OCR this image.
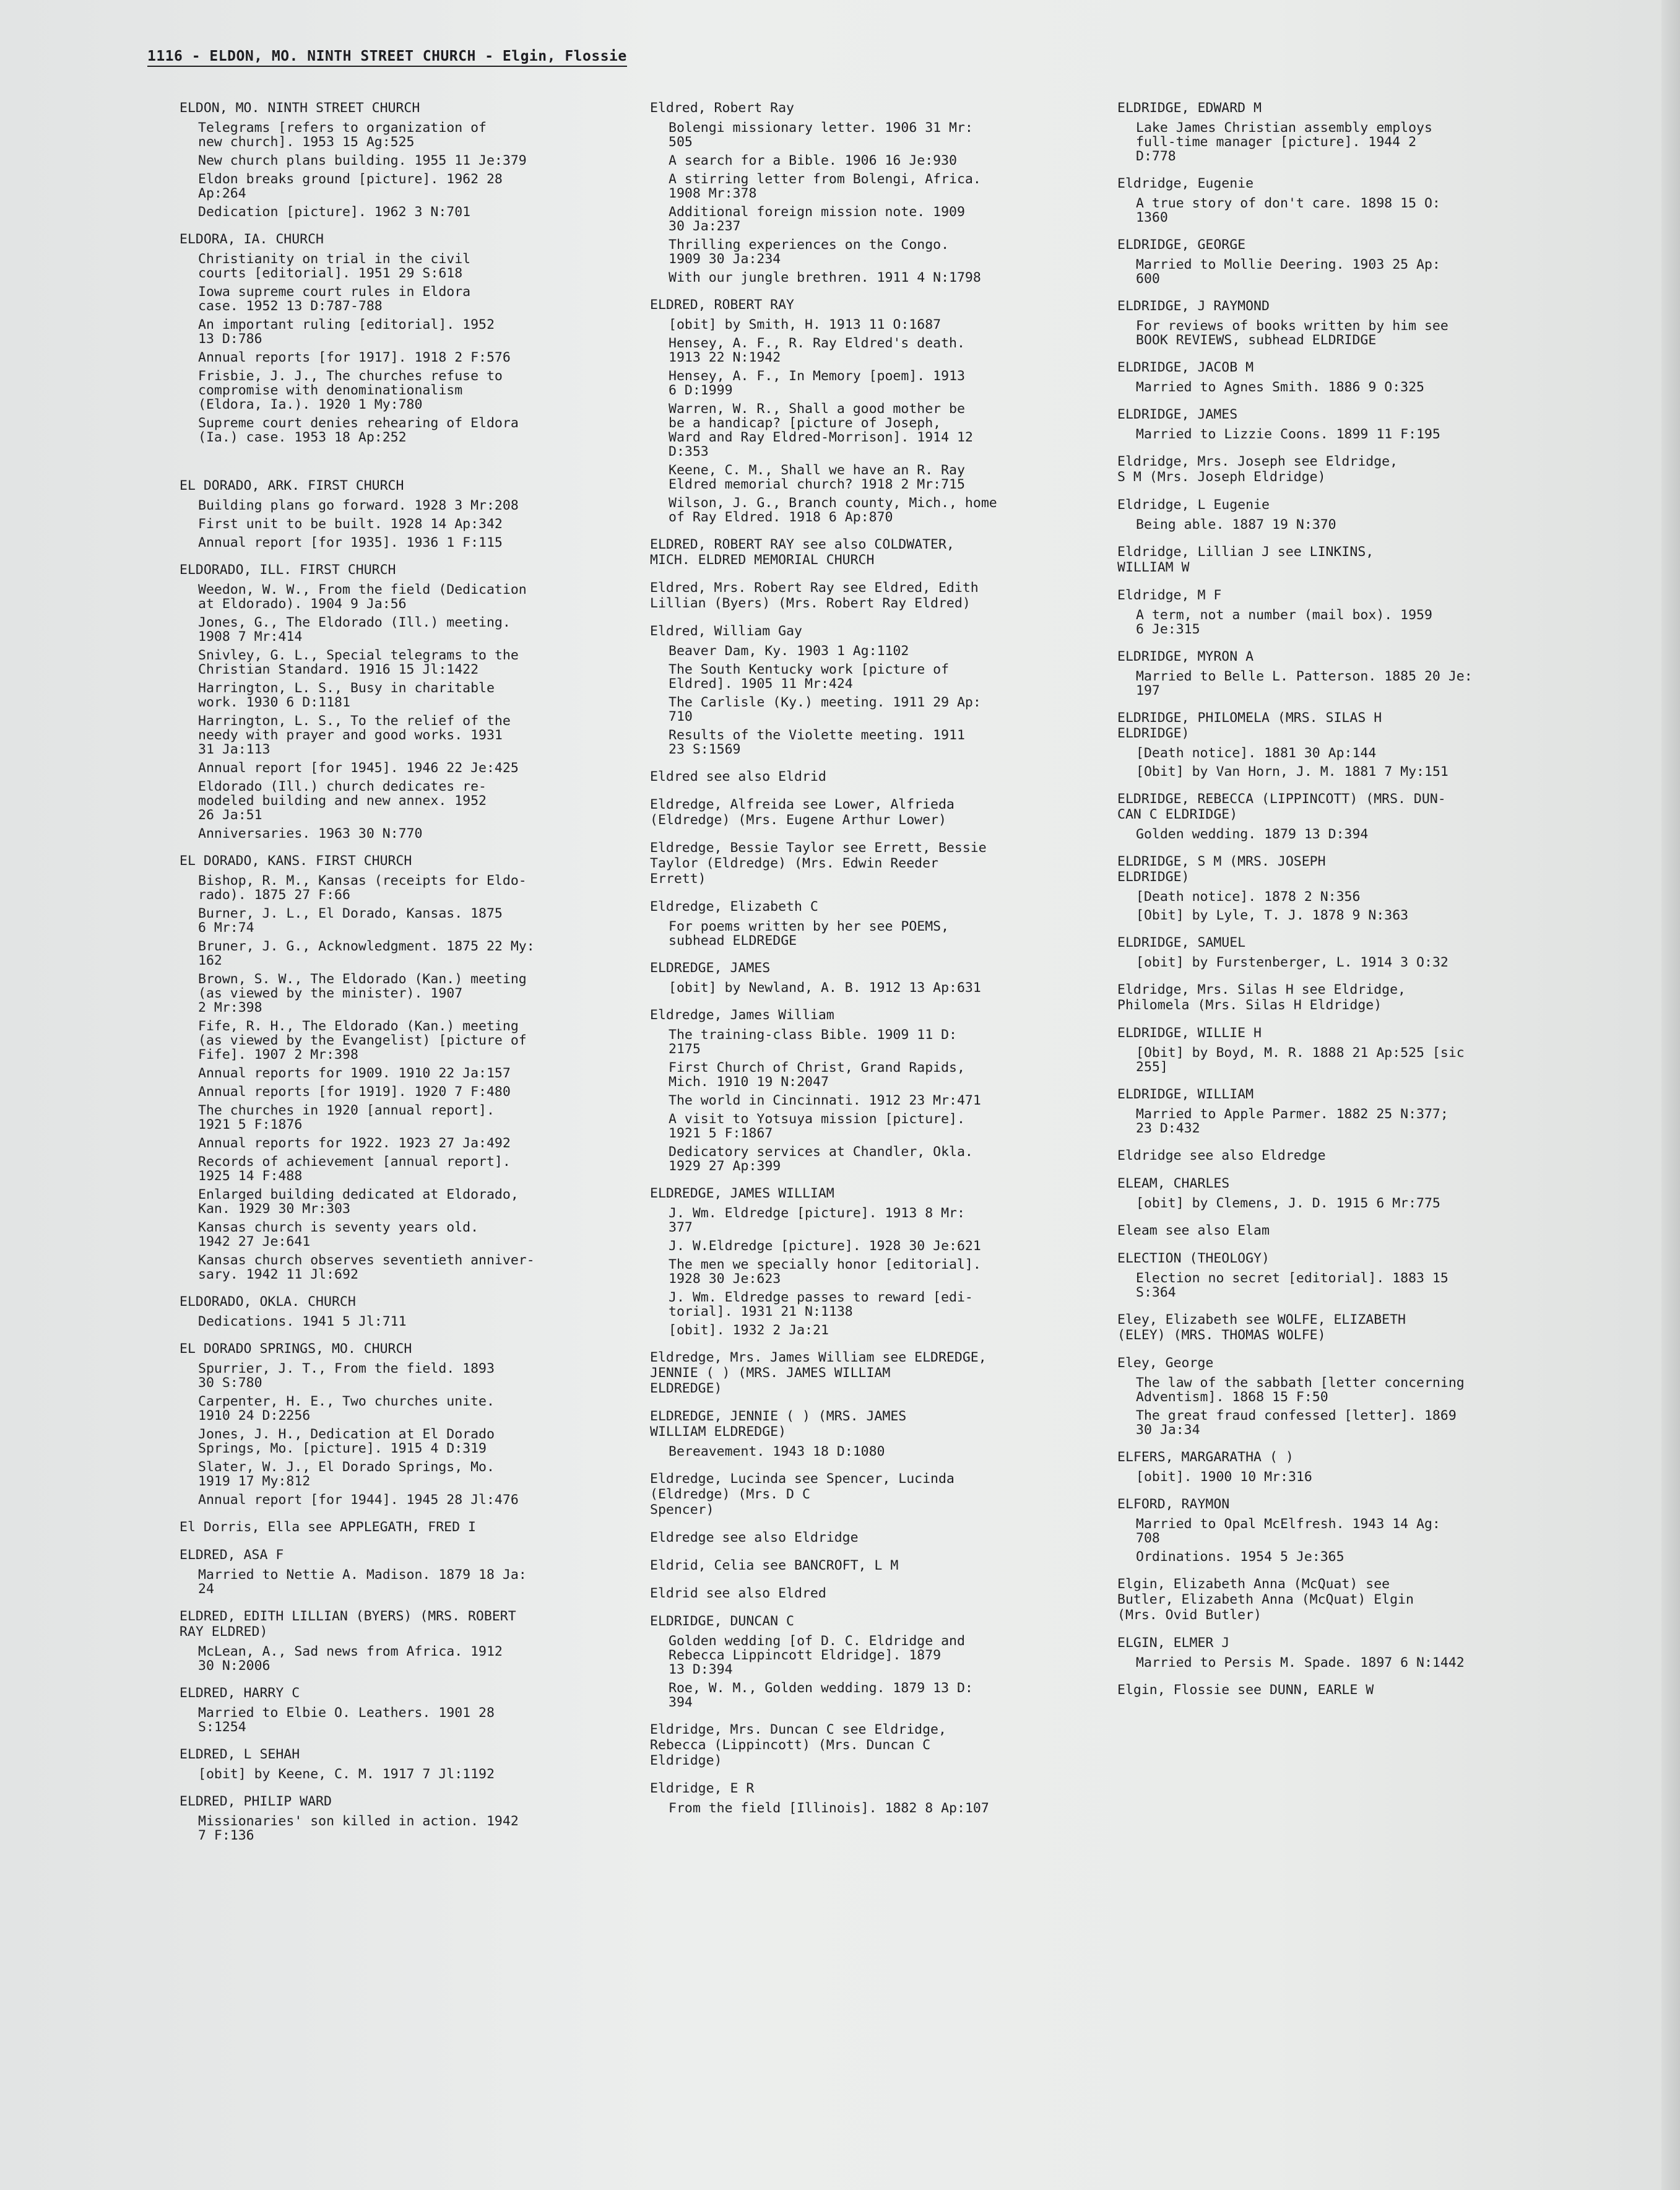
1116 - ELDON, MO. NINTH STREET CHURCH - Elgin, Flossie
ELDON, MO. NINTH STREET CHURCH
Telegrams [refers to organization of
new church]. 1953 15 Ag:525
New church plans building. 1955 11 Je:379
Eldon breaks ground [picture]. 1962 28
Ap:264
Dedication [picture]. 1962 3 N:701
ELDORA, IA. CHURCH
Christianity on trial in the civil
courts [editorial]. 1951 29 S:618
Iowa supreme court rules in Eldora
case. 1952 13 D:787-788
An important ruling [editorial]. 1952
13 D:786
Annual reports [for 1917]. 1918 2 F:576
Frisbie, J. J., The churches refuse to
compromise with denominationalism
(Eldora, Ia.). 1920 1 My:780
Supreme court denies rehearing of Eldora
(Ia.) case. 1953 18 Ap:252
EL DORADO, ARK. FIRST CHURCH
Building plans go forward. 1928 3 Mr:208
First unit to be built. 1928 14 Ap:342
Annual report [for 1935]. 1936 1 F:115
ELDORADO, ILL. FIRST CHURCH
Weedon, W. W., From the field (Dedication
at Eldorado). 1904 9 Ja:56
Jones, G., The Eldorado (Ill.) meeting.
1908 7 Mr:414
Snivley, G. L., Special telegrams to the
Christian Standard. 1916 15 Jl:1422
Harrington, L. S., Busy in charitable
work. 1930 6 D:1181
Harrington, L. S., To the relief of the
needy with prayer and good works. 1931
31 Ja:113
Annual report [for 1945]. 1946 22 Je:425
Eldorado (Ill.) church dedicates re-
modeled building and new annex. 1952
26 Ja:51
Anniversaries. 1963 30 N:770
EL DORADO, KANS. FIRST CHURCH
Bishop, R. M., Kansas (receipts for Eldo-
rado). 1875 27 F:66
Burner, J. L., El Dorado, Kansas. 1875
6 Mr:74
Bruner, J. G., Acknowledgment. 1875 22 My:
162
Brown, S. W., The Eldorado (Kan.) meeting
(as viewed by the minister). 1907
2 Mr:398
Fife, R. H., The Eldorado (Kan.) meeting
(as viewed by the Evangelist) [picture of
Fife]. 1907 2 Mr:398
Annual reports for 1909. 1910 22 Ja:157
Annual reports [for 1919]. 1920 7 F:480
The churches in 1920 [annual report].
1921 5 F:1876
Annual reports for 1922. 1923 27 Ja:492
Records of achievement [annual report].
1925 14 F:488
Enlarged building dedicated at Eldorado,
Kan. 1929 30 Mr:303
Kansas church is seventy years old.
1942 27 Je:641
Kansas church observes seventieth anniver-
sary. 1942 11 Jl:692
ELDORADO, OKLA. CHURCH
Dedications. 1941 5 Jl:711
EL DORADO SPRINGS, MO. CHURCH
Spurrier, J. T., From the field. 1893
30 S:780
Carpenter, H. E., Two churches unite.
1910 24 D:2256
Jones, J. H., Dedication at El Dorado
Springs, Mo. [picture]. 1915 4 D:319
Slater, W. J., El Dorado Springs, Mo.
1919 17 My:812
Annual report [for 1944]. 1945 28 Jl:476
El Dorris, Ella see APPLEGATH, FRED I
ELDRED, ASA F
Married to Nettie A. Madison. 1879 18 Ja:
24
ELDRED, EDITH LILLIAN (BYERS) (MRS. ROBERT
RAY ELDRED)
McLean, A., Sad news from Africa. 1912
30 N:2006
ELDRED, HARRY C
Married to Elbie O. Leathers. 1901 28
S:1254
ELDRED, L SEHAH
[obit] by Keene, C. M. 1917 7 Jl:1192
ELDRED, PHILIP WARD
Missionaries' son killed in action. 1942
7 F:136
Eldred, Robert Ray
Bolengi missionary letter. 1906 31 Mr:
505
A search for a Bible. 1906 16 Je:930
A stirring letter from Bolengi, Africa.
1908 Mr:378
Additional foreign mission note. 1909
30 Ja:237
Thrilling experiences on the Congo.
1909 30 Ja:234
With our jungle brethren. 1911 4 N:1798
ELDRED, ROBERT RAY
[obit] by Smith, H. 1913 11 O:1687
Hensey, A. F., R. Ray Eldred's death.
1913 22 N:1942
Hensey, A. F., In Memory [poem]. 1913
6 D:1999
Warren, W. R., Shall a good mother be
be a handicap? [picture of Joseph,
Ward and Ray Eldred-Morrison]. 1914 12
D:353
Keene, C. M., Shall we have an R. Ray
Eldred memorial church? 1918 2 Mr:715
Wilson, J. G., Branch county, Mich., home
of Ray Eldred. 1918 6 Ap:870
ELDRED, ROBERT RAY see also COLDWATER,
MICH. ELDRED MEMORIAL CHURCH
Eldred, Mrs. Robert Ray see Eldred, Edith
Lillian (Byers) (Mrs. Robert Ray Eldred)
Eldred, William Gay
Beaver Dam, Ky. 1903 1 Ag:1102
The South Kentucky work [picture of
Eldred]. 1905 11 Mr:424
The Carlisle (Ky.) meeting. 1911 29 Ap:
710
Results of the Violette meeting. 1911
23 S:1569
Eldred see also Eldrid
Eldredge, Alfreida see Lower, Alfrieda
(Eldredge) (Mrs. Eugene Arthur Lower)
Eldredge, Bessie Taylor see Errett, Bessie
Taylor (Eldredge) (Mrs. Edwin Reeder
Errett)
Eldredge, Elizabeth C
For poems written by her see POEMS,
subhead ELDREDGE
ELDREDGE, JAMES
[obit] by Newland, A. B. 1912 13 Ap:631
Eldredge, James William
The training-class Bible. 1909 11 D:
2175
First Church of Christ, Grand Rapids,
Mich. 1910 19 N:2047
The world in Cincinnati. 1912 23 Mr:471
A visit to Yotsuya mission [picture].
1921 5 F:1867
Dedicatory services at Chandler, Okla.
1929 27 Ap:399
ELDREDGE, JAMES WILLIAM
J. Wm. Eldredge [picture]. 1913 8 Mr:
377
J. W.Eldredge [picture]. 1928 30 Je:621
The men we specially honor [editorial].
1928 30 Je:623
J. Wm. Eldredge passes to reward [edi-
torial]. 1931 21 N:1138
[obit]. 1932 2 Ja:21
Eldredge, Mrs. James William see ELDREDGE,
JENNIE ( ) (MRS. JAMES WILLIAM
ELDREDGE)
ELDREDGE, JENNIE ( ) (MRS. JAMES
WILLIAM ELDREDGE)
Bereavement. 1943 18 D:1080
Eldredge, Lucinda see Spencer, Lucinda
(Eldredge) (Mrs. D C
Spencer)
Eldredge see also Eldridge
Eldrid, Celia see BANCROFT, L M
Eldrid see also Eldred
ELDRIDGE, DUNCAN C
Golden wedding [of D. C. Eldridge and
Rebecca Lippincott Eldridge]. 1879
13 D:394
Roe, W. M., Golden wedding. 1879 13 D:
394
Eldridge, Mrs. Duncan C see Eldridge,
Rebecca (Lippincott) (Mrs. Duncan C
Eldridge)
Eldridge, E R
From the field [Illinois]. 1882 8 Ap:107
ELDRIDGE, EDWARD M
Lake James Christian assembly employs
full-time manager [picture]. 1944 2
D:778
Eldridge, Eugenie
A true story of don't care. 1898 15 O:
1360
ELDRIDGE, GEORGE
Married to Mollie Deering. 1903 25 Ap:
600
ELDRIDGE, J RAYMOND
For reviews of books written by him see
BOOK REVIEWS, subhead ELDRIDGE
ELDRIDGE, JACOB M
Married to Agnes Smith. 1886 9 O:325
ELDRIDGE, JAMES
Married to Lizzie Coons. 1899 11 F:195
Eldridge, Mrs. Joseph see Eldridge,
S M (Mrs. Joseph Eldridge)
Eldridge, L Eugenie
Being able. 1887 19 N:370
Eldridge, Lillian J see LINKINS,
WILLIAM W
Eldridge, M F
A term, not a number (mail box). 1959
6 Je:315
ELDRIDGE, MYRON A
Married to Belle L. Patterson. 1885 20 Je:
197
ELDRIDGE, PHILOMELA (MRS. SILAS H
ELDRIDGE)
[Death notice]. 1881 30 Ap:144
[Obit] by Van Horn, J. M. 1881 7 My:151
ELDRIDGE, REBECCA (LIPPINCOTT) (MRS. DUN-
CAN C ELDRIDGE)
Golden wedding. 1879 13 D:394
ELDRIDGE, S M (MRS. JOSEPH
ELDRIDGE)
[Death notice]. 1878 2 N:356
[Obit] by Lyle, T. J. 1878 9 N:363
ELDRIDGE, SAMUEL
[obit] by Furstenberger, L. 1914 3 O:32
Eldridge, Mrs. Silas H see Eldridge,
Philomela (Mrs. Silas H Eldridge)
ELDRIDGE, WILLIE H
[Obit] by Boyd, M. R. 1888 21 Ap:525 [sic
255]
ELDRIDGE, WILLIAM
Married to Apple Parmer. 1882 25 N:377;
23 D:432
Eldridge see also Eldredge
ELEAM, CHARLES
[obit] by Clemens, J. D. 1915 6 Mr:775
Eleam see also Elam
ELECTION (THEOLOGY)
Election no secret [editorial]. 1883 15
S:364
Eley, Elizabeth see WOLFE, ELIZABETH
(ELEY) (MRS. THOMAS WOLFE)
Eley, George
The law of the sabbath [letter concerning
Adventism]. 1868 15 F:50
The great fraud confessed [letter]. 1869
30 Ja:34
ELFERS, MARGARATHA ( )
[obit]. 1900 10 Mr:316
ELFORD, RAYMON
Married to Opal McElfresh. 1943 14 Ag:
708
Ordinations. 1954 5 Je:365
Elgin, Elizabeth Anna (McQuat) see
Butler, Elizabeth Anna (McQuat) Elgin
(Mrs. Ovid Butler)
ELGIN, ELMER J
Married to Persis M. Spade. 1897 6 N:1442
Elgin, Flossie see DUNN, EARLE W
